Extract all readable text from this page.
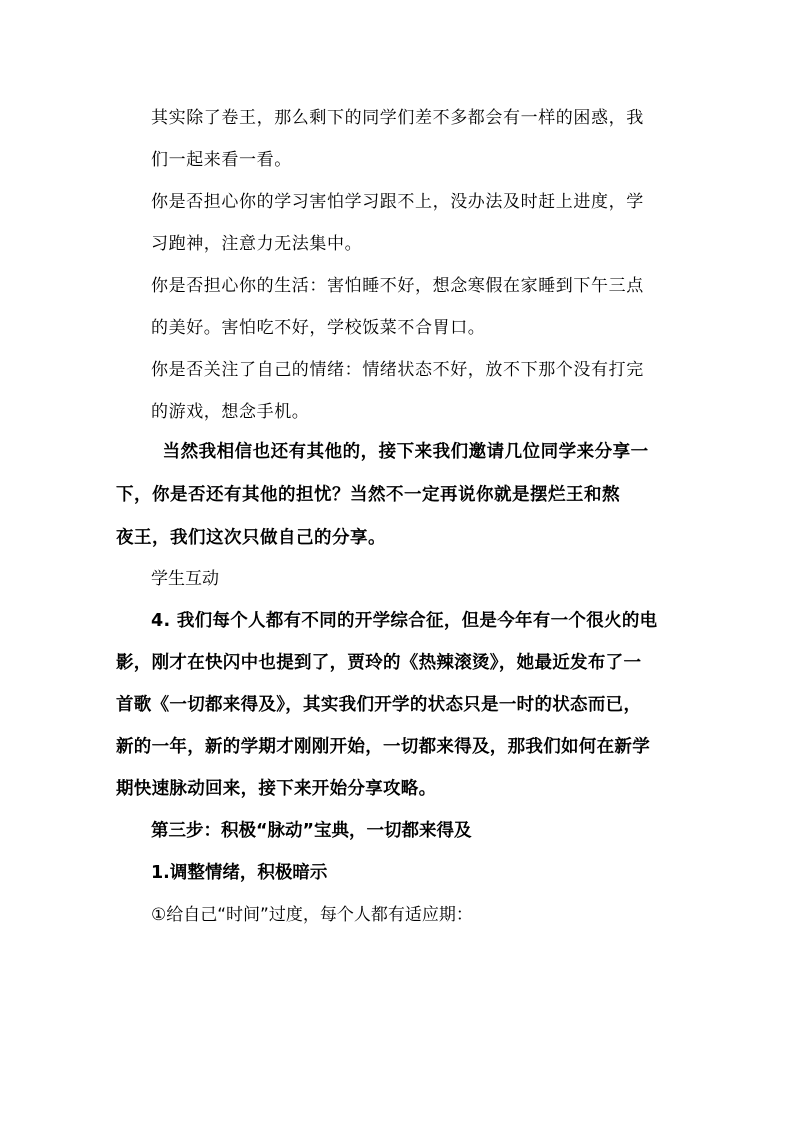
其实除了卷王，那么剩下的同学们差不多都会有一样的困惑，我
们一起来看一看。
你是否担心你的学习害怕学习跟不上，没办法及时赶上进度，学
习跑神，注意力无法集中。
你是否担心你的生活：害怕睡不好，想念寒假在家睡到下午三点
的美好。害怕吃不好，学校饭菜不合胃口。
你是否关注了自己的情绪：情绪状态不好，放不下那个没有打完
的游戏，想念手机。
当然我相信也还有其他的，接下来我们邀请几位同学来分享一
下，你是否还有其他的担忧？当然不一定再说你就是摆烂王和熬
夜王，我们这次只做自己的分享。
学生互动
4. 我们每个人都有不同的开学综合征，但是今年有一个很火的电
影，刚才在快闪中也提到了，贾玲的《热辣滚烫》，她最近发布了一
首歌《一切都来得及》，其实我们开学的状态只是一时的状态而已，
新的一年，新的学期才刚刚开始，一切都来得及，那我们如何在新学
期快速脉动回来，接下来开始分享攻略。
第三步：积极“脉动”宝典，一切都来得及
1.调整情绪，积极暗示
①给自己“时间”过度，每个人都有适应期：
